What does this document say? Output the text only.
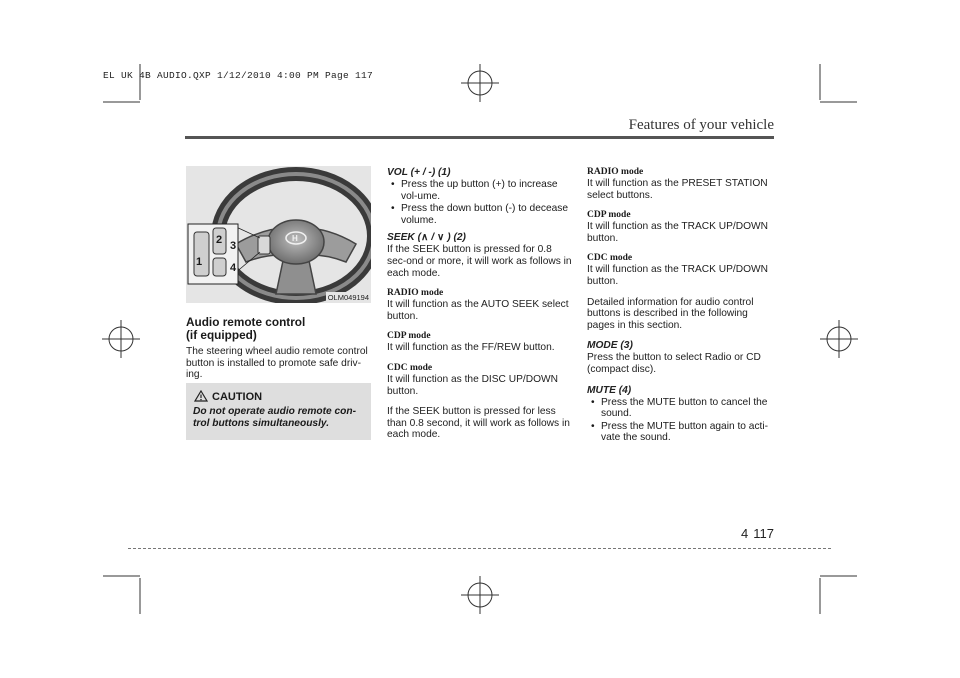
EL UK 4B AUDIO.QXP 1/12/2010 4:00 PM Page 117
Features of your vehicle
4 117
H
1
2 3
4
OLM049194
Audio remote control
(if equipped)
The steering wheel audio remote control button is installed to promote safe driv-ing.
CAUTION
Do not operate audio remote con-trol buttons simultaneously.
VOL (+ / -) (1)
• Press the up button (+) to increase vol-ume.
• Press the down button (-) to decease volume.
SEEK (∧ / ∨ ) (2)
If the SEEK button is pressed for 0.8 sec-ond or more, it will work as follows in each mode.
RADIO mode
It will function as the AUTO SEEK select button.
CDP mode
It will function as the FF/REW button.
CDC mode
It will function as the DISC UP/DOWN button.
If the SEEK button is pressed for less than 0.8 second, it will work as follows in each mode.
RADIO mode
It will function as the PRESET STATION select buttons.
CDP mode
It will function as the TRACK UP/DOWN button.
CDC mode
It will function as the TRACK UP/DOWN button.
Detailed information for audio control buttons is described in the following pages in this section.
MODE (3)
Press the button to select Radio or CD (compact disc).
MUTE (4)
• Press the MUTE button to cancel the sound.
• Press the MUTE button again to acti-vate the sound.
